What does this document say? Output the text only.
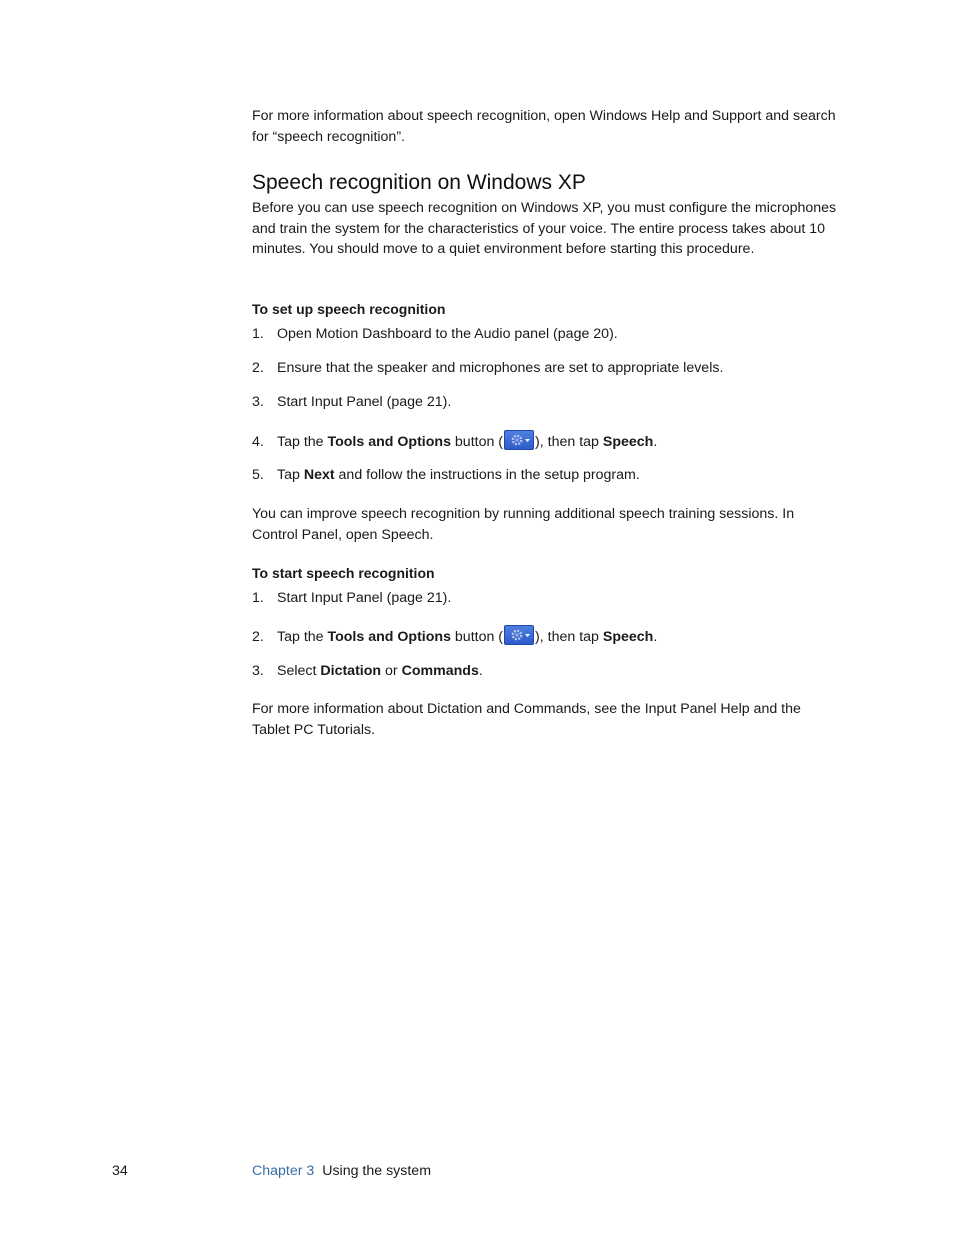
For more information about speech recognition, open Windows Help and Support and search for “speech recognition”.
Speech recognition on Windows XP
Before you can use speech recognition on Windows XP, you must configure the microphones and train the system for the characteristics of your voice. The entire process takes about 10 minutes. You should move to a quiet environment before starting this procedure.
To set up speech recognition
1. Open Motion Dashboard to the Audio panel (page 20).
2. Ensure that the speaker and microphones are set to appropriate levels.
3. Start Input Panel (page 21).
4. Tap the Tools and Options button ( ), then tap Speech.
5. Tap Next and follow the instructions in the setup program.
You can improve speech recognition by running additional speech training sessions. In Control Panel, open Speech.
To start speech recognition
1. Start Input Panel (page 21).
2. Tap the Tools and Options button ( ), then tap Speech.
3. Select Dictation or Commands.
For more information about Dictation and Commands, see the Input Panel Help and the Tablet PC Tutorials.
34	Chapter 3 Using the system
